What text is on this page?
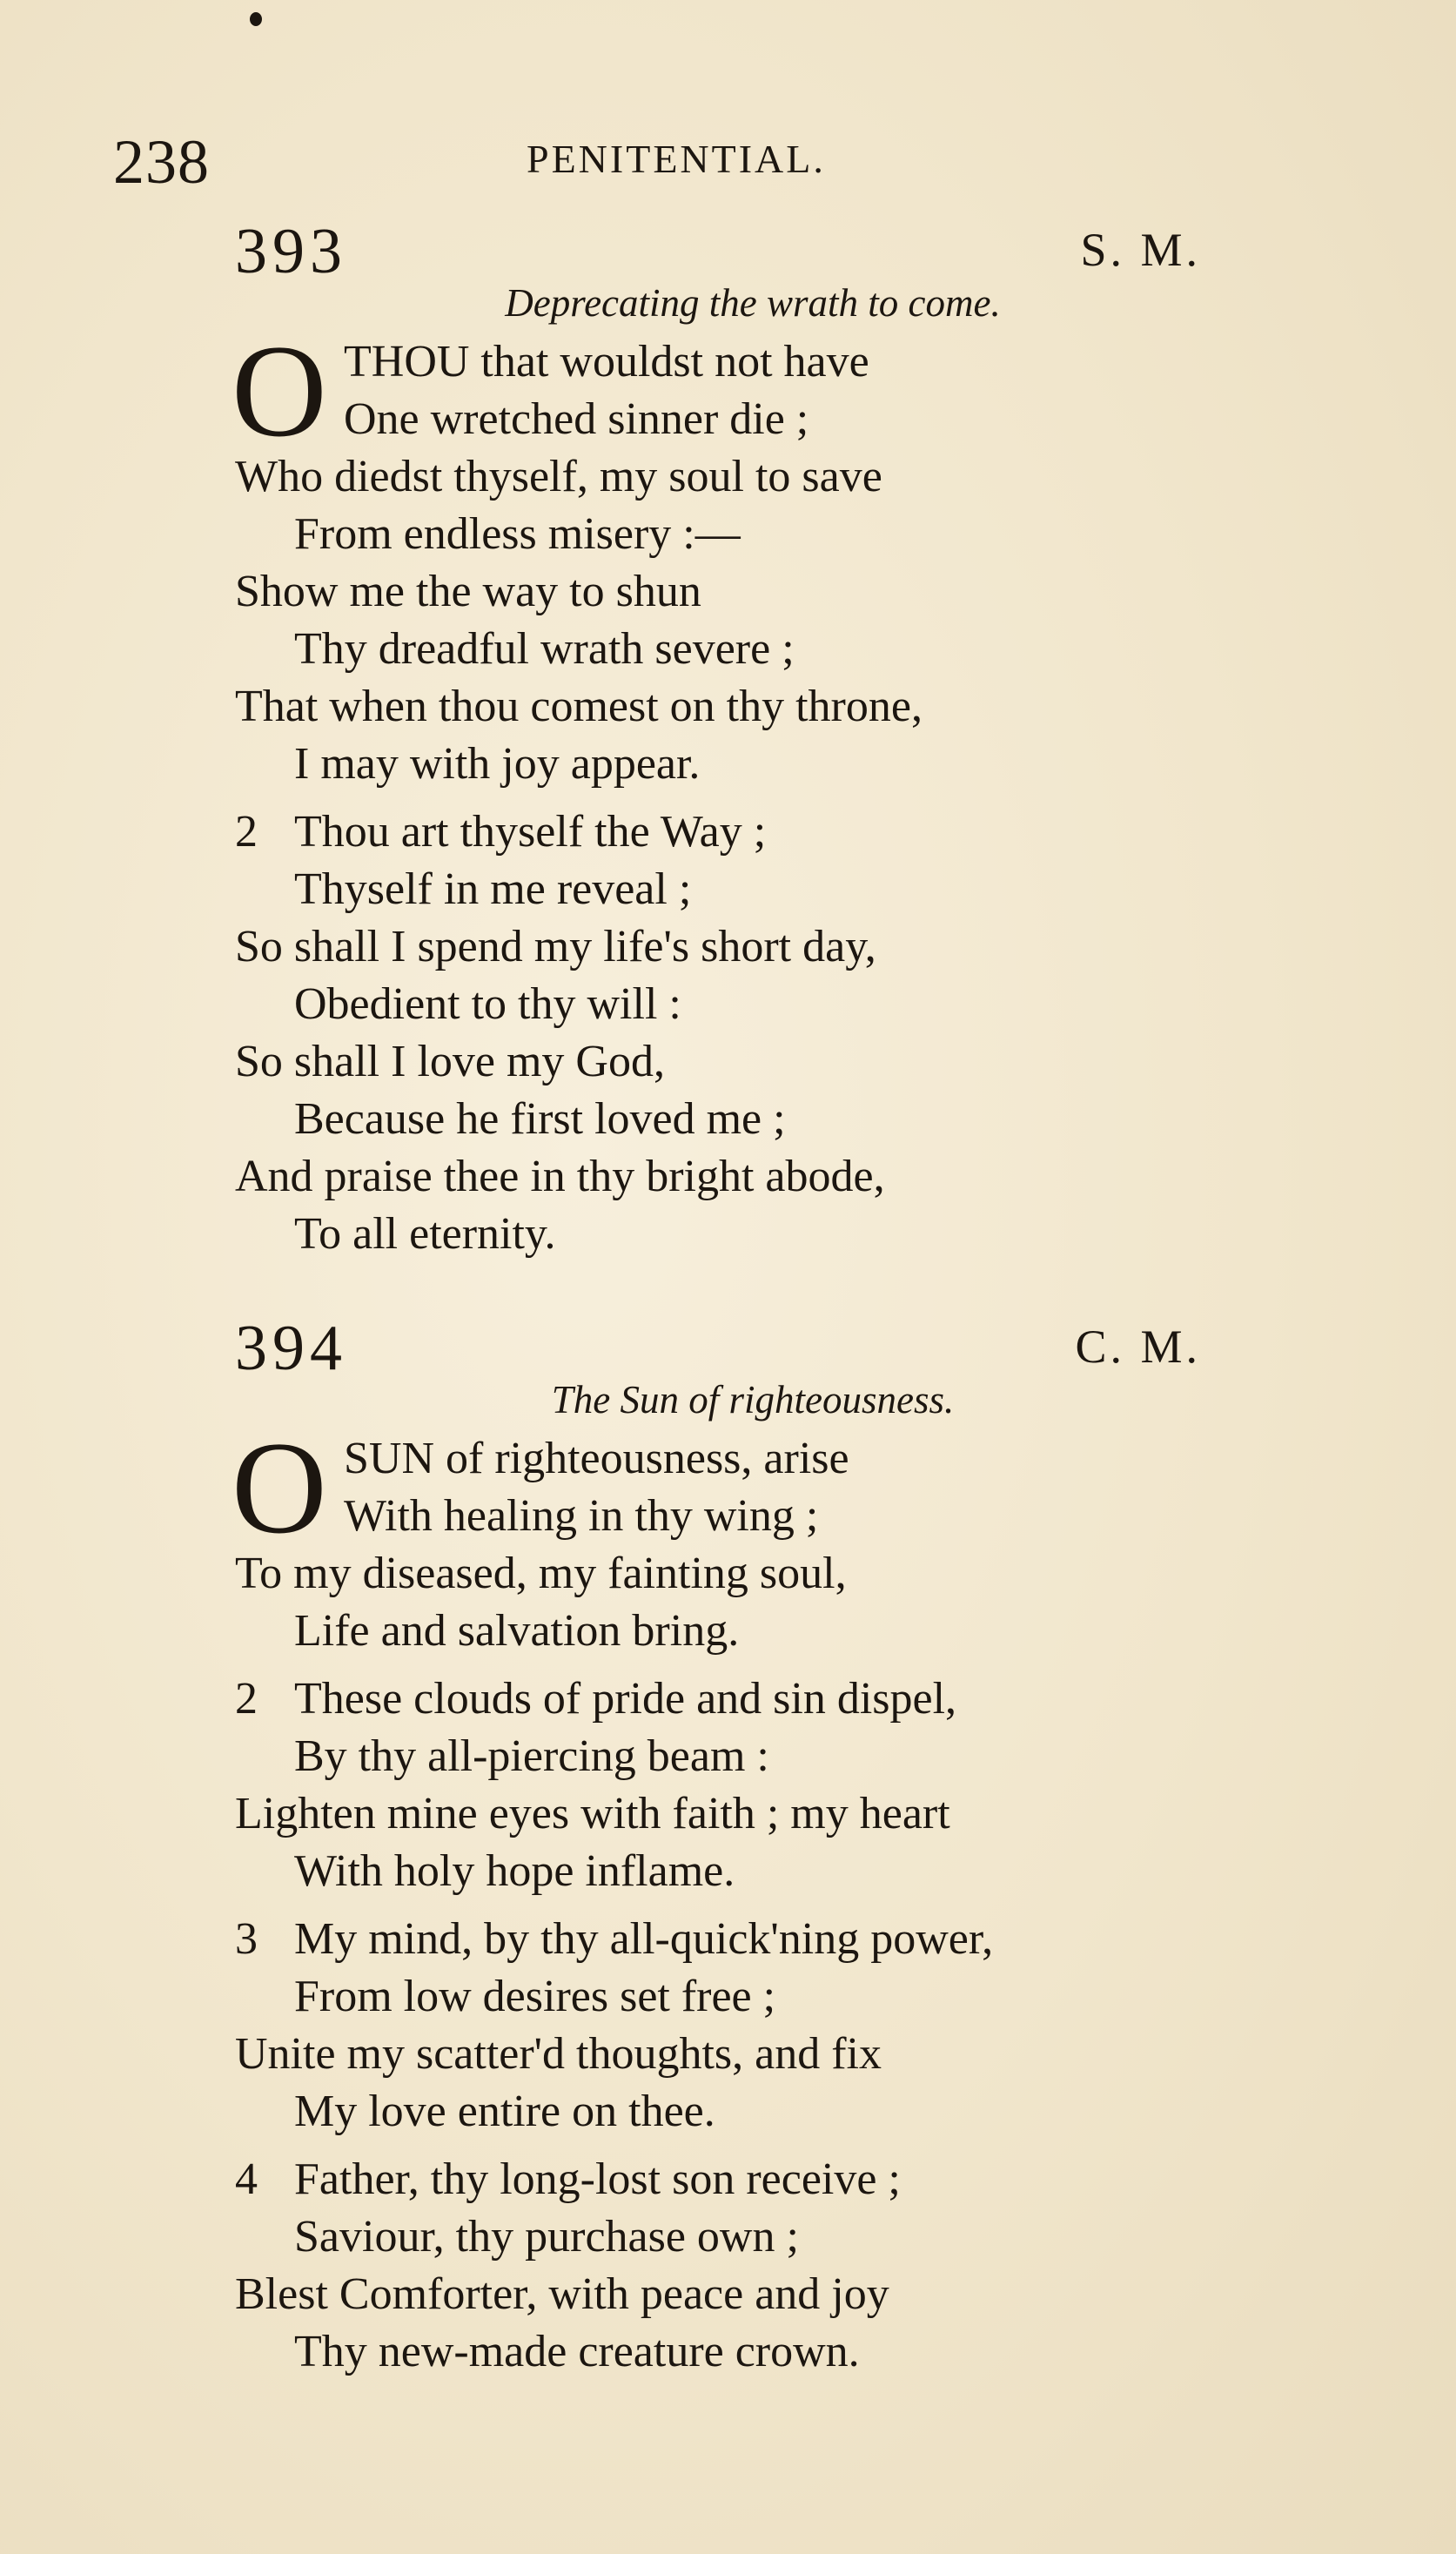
238	PENITENTIAL.
393	S. M.
Deprecating the wrath to come.
O THOU that wouldst not have
One wretched sinner die ;
Who diedst thyself, my soul to save
From endless misery :—
Show me the way to shun
Thy dreadful wrath severe ;
That when thou comest on thy throne,
I may with joy appear.
2 Thou art thyself the Way ;
Thyself in me reveal ;
So shall I spend my life's short day,
Obedient to thy will :
So shall I love my God,
Because he first loved me ;
And praise thee in thy bright abode,
To all eternity.
394	C. M.
The Sun of righteousness.
O SUN of righteousness, arise
With healing in thy wing ;
To my diseased, my fainting soul,
Life and salvation bring.
2 These clouds of pride and sin dispel,
By thy all-piercing beam :
Lighten mine eyes with faith ; my heart
With holy hope inflame.
3 My mind, by thy all-quick'ning power,
From low desires set free ;
Unite my scatter'd thoughts, and fix
My love entire on thee.
4 Father, thy long-lost son receive ;
Saviour, thy purchase own ;
Blest Comforter, with peace and joy
Thy new-made creature crown.
